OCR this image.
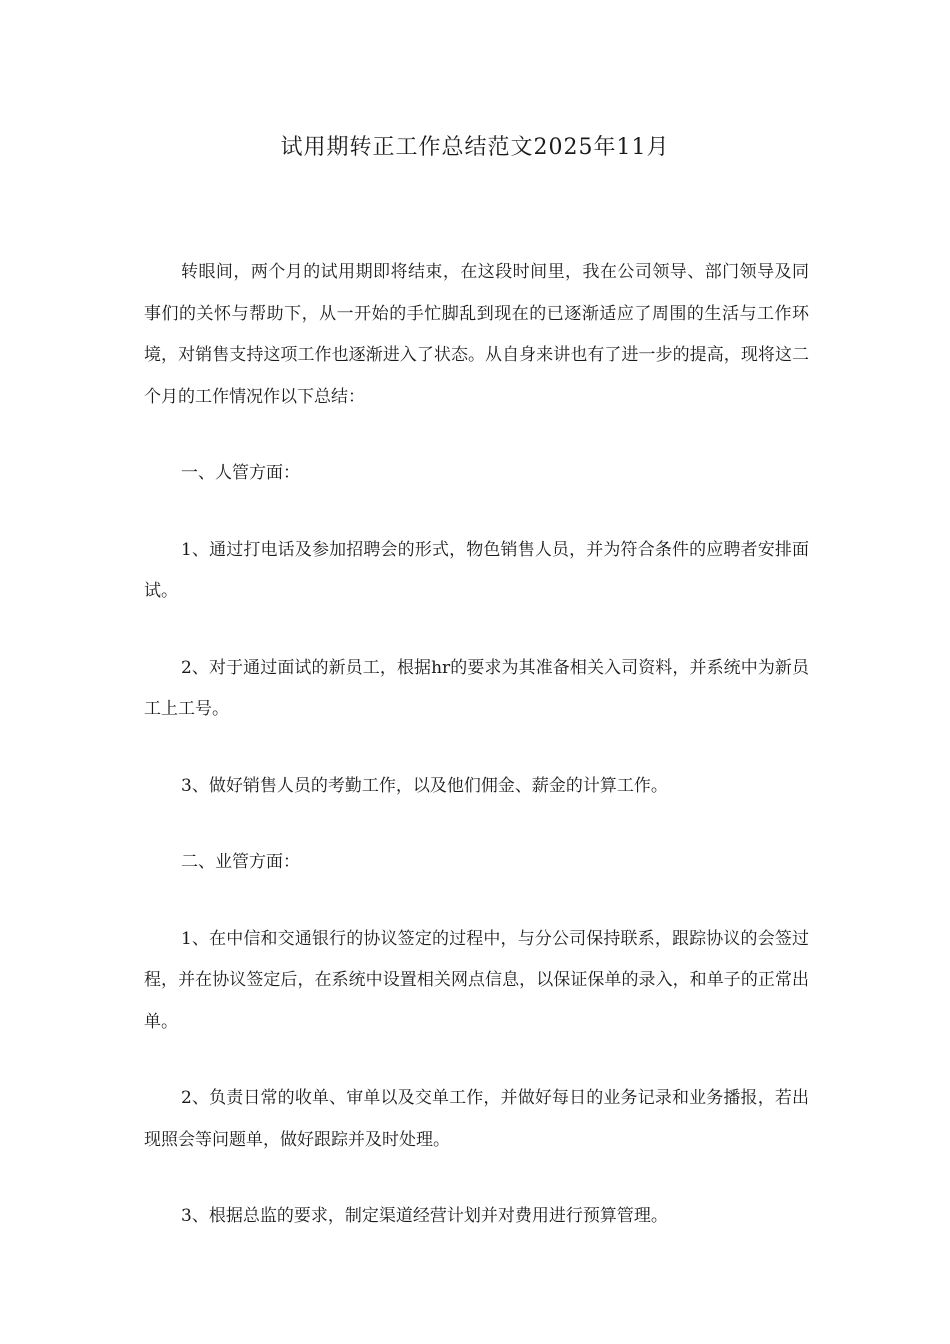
试用期转正工作总结范文2025年11月

转眼间，两个月的试用期即将结束，在这段时间里，我在公司领导、部门领导及同事们的关怀与帮助下，从一开始的手忙脚乱到现在的已逐渐适应了周围的生活与工作环境，对销售支持这项工作也逐渐进入了状态。从自身来讲也有了进一步的提高，现将这二个月的工作情况作以下总结：

一、人管方面：

1、通过打电话及参加招聘会的形式，物色销售人员，并为符合条件的应聘者安排面试。

2、对于通过面试的新员工，根据hr的要求为其准备相关入司资料，并系统中为新员工上工号。

3、做好销售人员的考勤工作，以及他们佣金、薪金的计算工作。

二、业管方面：

1、在中信和交通银行的协议签定的过程中，与分公司保持联系，跟踪协议的会签过程，并在协议签定后，在系统中设置相关网点信息，以保证保单的录入，和单子的正常出单。

2、负责日常的收单、审单以及交单工作，并做好每日的业务记录和业务播报，若出现照会等问题单，做好跟踪并及时处理。

3、根据总监的要求，制定渠道经营计划并对费用进行预算管理。
